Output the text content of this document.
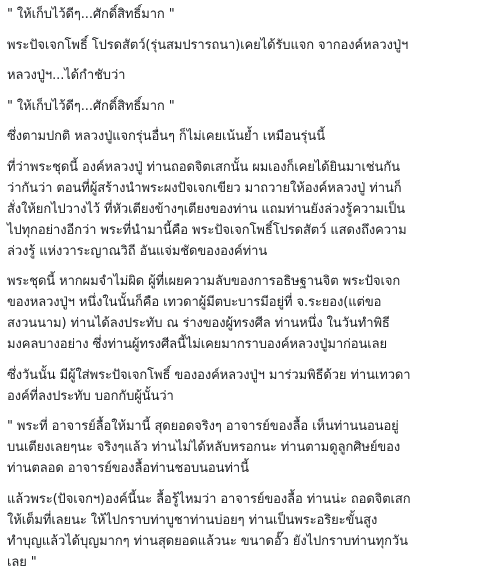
" ให้เก็บไว้ดีๆ...ศักดิ์สิทธิ์มาก "

พระปัจเจกโพธิ์ โปรดสัตว์(รุ่นสมปรารถนา)เคยได้รับแจก จากองค์หลวงปู่ฯ

หลวงปู่ฯ...ได้กำชับว่า

" ให้เก็บไว้ดีๆ...ศักดิ์สิทธิ์มาก "

ซึ่งตามปกติ หลวงปู่แจกรุ่นอื่นๆ ก็ไม่เคยเน้นย้ำ เหมือนรุ่นนี้

ที่ว่าพระชุดนี้ องค์หลวงปู่ ท่านถอดจิตเสกนั้น ผมเองก็เคยได้ยินมาเช่นกัน
ว่ากันว่า ตอนที่ผู้สร้างนำพระผงปัจเจกเขียว มาถวายให้องค์หลวงปู่ ท่านก็
สั่งให้ยกไปวางไว้ ที่หัวเตียงข้างๆเตียงของท่าน แถมท่านยังล่วงรู้ความเป็น
ไปทุกอย่างอีกว่า พระที่นำมานี้คือ พระปัจเจกโพธิ์โปรดสัตว์ แสดงถึงความ
ล่วงรู้ แห่งวาระญาณวิถี อันแจ่มชัดขององค์ท่าน

พระชุดนี้ หากผมจำไม่ผิด ผู้ที่เผยความลับของการอธิษฐานจิต พระปัจเจก
ของหลวงปู่ฯ หนึ่งในนั้นก็คือ เทวดาผู้มีตบะบารมีอยู่ที่ จ.ระยอง(แต่ขอ
สงวนนาม) ท่านได้ลงประทับ ณ ร่างของผู้ทรงศีล ท่านหนึ่ง ในวันทำพิธี
มงคลบางอย่าง ซึ่งท่านผู้ทรงศีลนี้ไม่เคยมากราบองค์หลวงปู่มาก่อนเลย

ซึ่งวันนั้น มีผู้ใส่พระปัจเจกโพธิ์ ขององค์หลวงปู่ฯ มาร่วมพิธีด้วย ท่านเทวดา
องค์ที่ลงประทับ บอกกับผู้นั้นว่า

" พระที่ อาจารย์ลื้อให้มานี้ สุดยอดจริงๆ อาจารย์ของลื้อ เห็นท่านนอนอยู่
บนเตียงเลยๆนะ จริงๆแล้ว ท่านไม่ได้หลับหรอกนะ ท่านตามดูลูกศิษย์ของ
ท่านตลอด อาจารย์ของลื้อท่านชอบนอนท่านี้

แล้วพระ(ปัจเจกฯ)องค์นี้นะ ลื้อรู้ไหมว่า อาจารย์ของลื้อ ท่านน่ะ ถอดจิตเสก
ให้เต็มที่เลยนะ ให้ไปกราบท่าบูชาท่านบ่อยๆ ท่านเป็นพระอริยะขั้นสูง
ทำบุญแล้วได้บุญมากๆ ท่านสุดยอดแล้วนะ ขนาดอั๊ว ยังไปกราบท่านทุกวัน
เลย "
